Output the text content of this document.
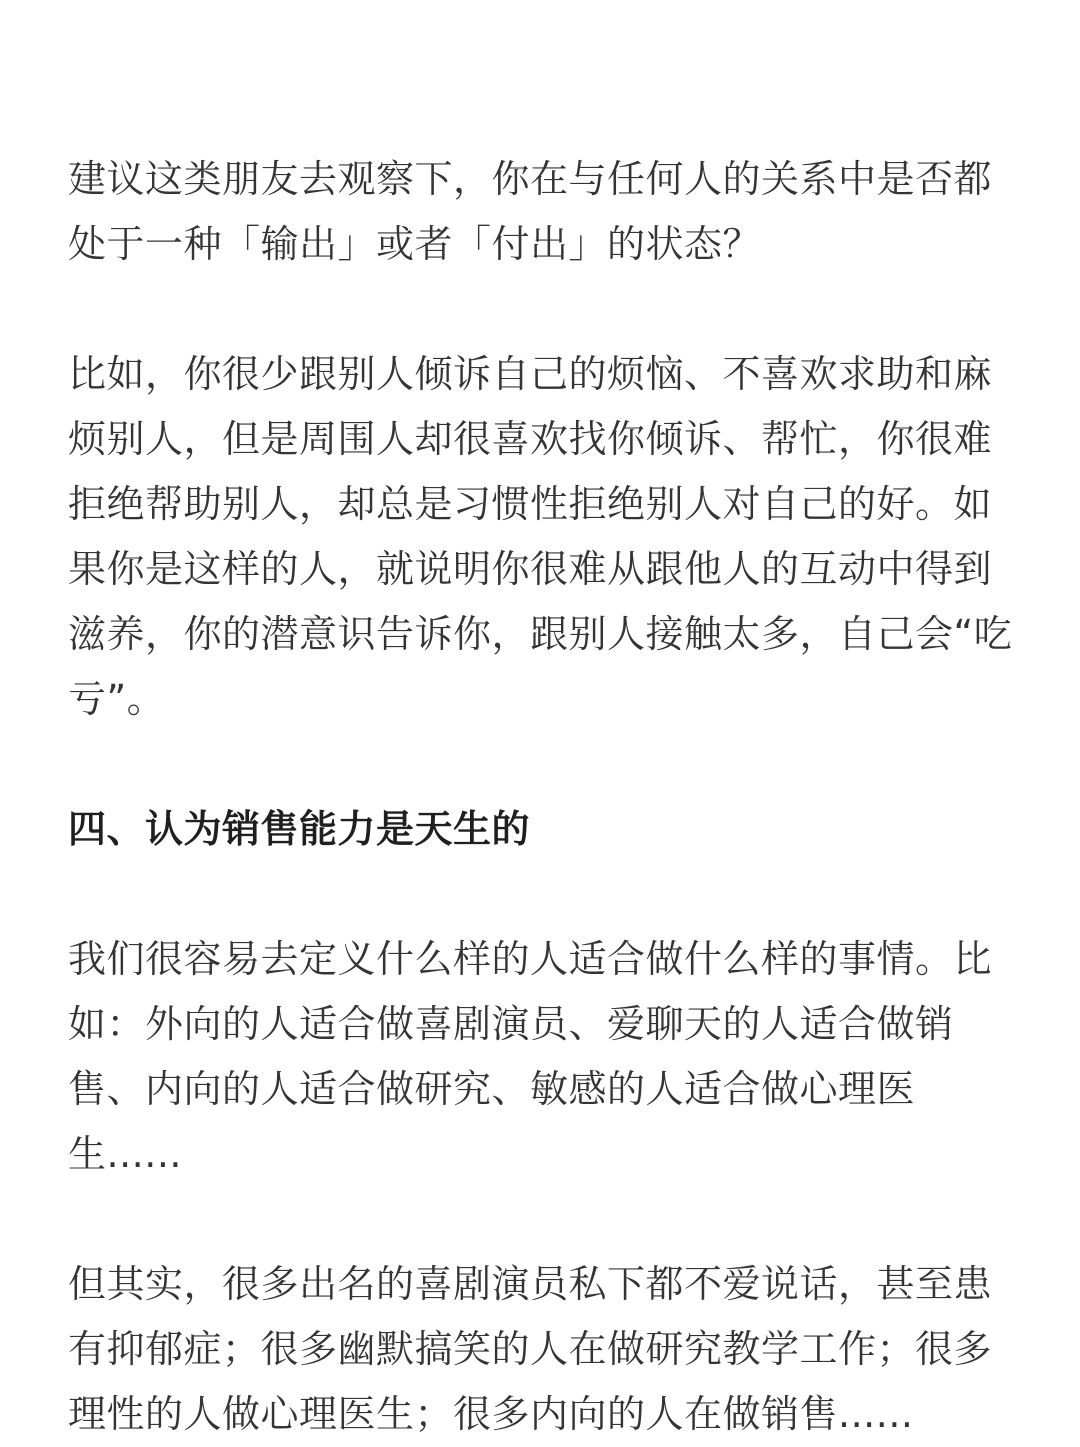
建议这类朋友去观察下，你在与任何人的关系中是否都处于一种「输出」或者「付出」的状态？

比如，你很少跟别人倾诉自己的烦恼、不喜欢求助和麻烦别人，但是周围人却很喜欢找你倾诉、帮忙，你很难拒绝帮助别人，却总是习惯性拒绝别人对自己的好。如果你是这样的人，就说明你很难从跟他人的互动中得到滋养，你的潜意识告诉你，跟别人接触太多，自己会“吃亏”。

四、认为销售能力是天生的

我们很容易去定义什么样的人适合做什么样的事情。比如：外向的人适合做喜剧演员、爱聊天的人适合做销售、内向的人适合做研究、敏感的人适合做心理医生......

但其实，很多出名的喜剧演员私下都不爱说话，甚至患有抑郁症；很多幽默搞笑的人在做研究教学工作；很多理性的人做心理医生；很多内向的人在做销售......
